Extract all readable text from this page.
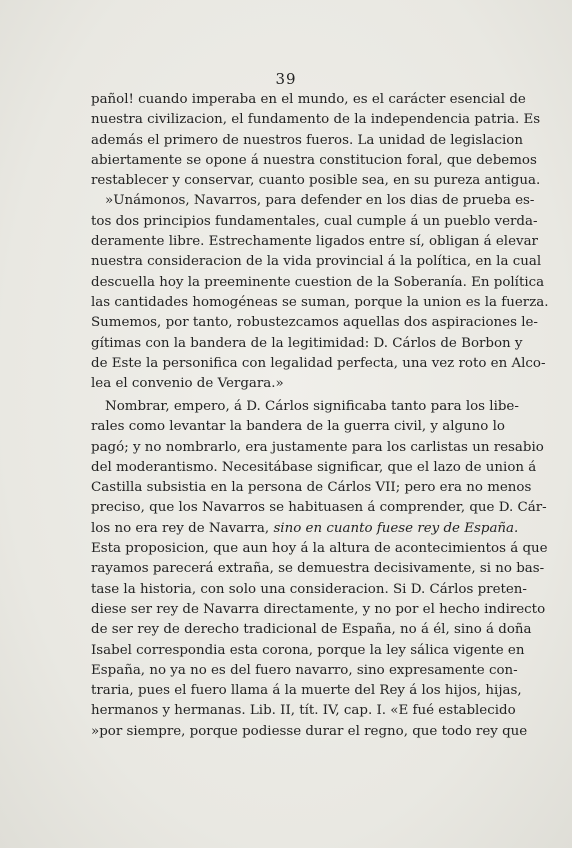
39
pañol! cuando imperaba en el mundo, es el carácter esencial de
nuestra civilizacion, el fundamento de la independencia patria. Es
además el primero de nuestros fueros. La unidad de legislacion
abiertamente se opone á nuestra constitucion foral, que debemos
restablecer y conservar, cuanto posible sea, en su pureza antigua.
»Unámonos, Navarros, para defender en los dias de prueba es-
tos dos principios fundamentales, cual cumple á un pueblo verda-
deramente libre. Estrechamente ligados entre sí, obligan á elevar
nuestra consideracion de la vida provincial á la política, en la cual
descuella hoy la preeminente cuestion de la Soberanía. En política
las cantidades homogéneas se suman, porque la union es la fuerza.
Sumemos, por tanto, robustezcamos aquellas dos aspiraciones le-
gítimas con la bandera de la legitimidad: D. Cárlos de Borbon y
de Este la personifica con legalidad perfecta, una vez roto en Alco-
lea el convenio de Vergara.»
Nombrar, empero, á D. Cárlos significaba tanto para los libe-
rales como levantar la bandera de la guerra civil, y alguno lo
pagó; y no nombrarlo, era justamente para los carlistas un resabio
del moderantismo. Necesitábase significar, que el lazo de union á
Castilla subsistia en la persona de Cárlos VII; pero era no menos
preciso, que los Navarros se habituasen á comprender, que D. Cár-
los no era rey de Navarra, sino en cuanto fuese rey de España.
Esta proposicion, que aun hoy á la altura de acontecimientos á que
rayamos parecerá extraña, se demuestra decisivamente, si no bas-
tase la historia, con solo una consideracion. Si D. Cárlos preten-
diese ser rey de Navarra directamente, y no por el hecho indirecto
de ser rey de derecho tradicional de España, no á él, sino á doña
Isabel correspondia esta corona, porque la ley sálica vigente en
España, no ya no es del fuero navarro, sino expresamente con-
traria, pues el fuero llama á la muerte del Rey á los hijos, hijas,
hermanos y hermanas. Lib. II, tít. IV, cap. I. «E fué establecido
»por siempre, porque podiesse durar el regno, que todo rey que
